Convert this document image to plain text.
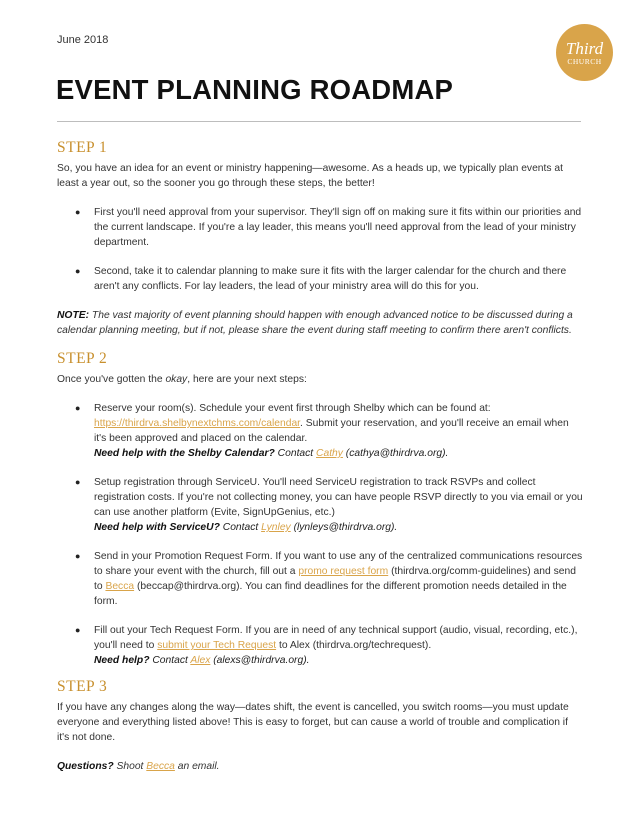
June 2018	Third
CHURCH
EVENT PLANNING ROADMAP
STEP 1

So, you have an idea for an event or ministry happening—awesome. As a heads up, we typically plan events at least a year out, so the sooner you go through these steps, the better!

● First you'll need approval from your supervisor. They'll sign off on making sure it fits within our priorities and the current landscape. If you're a lay leader, this means you'll need approval from the lead of your ministry department.
● Second, take it to calendar planning to make sure it fits with the larger calendar for the church and there aren't any conflicts. For lay leaders, the lead of your ministry area will do this for you.

NOTE: The vast majority of event planning should happen with enough advanced notice to be discussed during a calendar planning meeting, but if not, please share the event during staff meeting to confirm there aren't conflicts.

STEP 2

Once you've gotten the okay, here are your next steps:

● Reserve your room(s). Schedule your event first through Shelby which can be found at: https://thirdrva.shelbynextchms.com/calendar. Submit your reservation, and you'll receive an email when it's been approved and placed on the calendar.
Need help with the Shelby Calendar? Contact Cathy (cathya@thirdrva.org).
● Setup registration through ServiceU. You'll need ServiceU registration to track RSVPs and collect registration costs. If you're not collecting money, you can have people RSVP directly to you via email or you can use another platform (Evite, SignUpGenius, etc.)
Need help with ServiceU? Contact Lynley (lynleys@thirdrva.org).
● Send in your Promotion Request Form. If you want to use any of the centralized communications resources to share your event with the church, fill out a promo request form (thirdrva.org/comm-guidelines) and send to Becca (beccap@thirdrva.org). You can find deadlines for the different promotion needs detailed in the form.
● Fill out your Tech Request Form. If you are in need of any technical support (audio, visual, recording, etc.), you'll need to submit your Tech Request to Alex (thirdrva.org/techrequest).
Need help? Contact Alex (alexs@thirdrva.org).
STEP 3

If you have any changes along the way—dates shift, the event is cancelled, you switch rooms—you must update everyone and everything listed above! This is easy to forget, but can cause a world of trouble and complication if it's not done.

Questions? Shoot Becca an email.
